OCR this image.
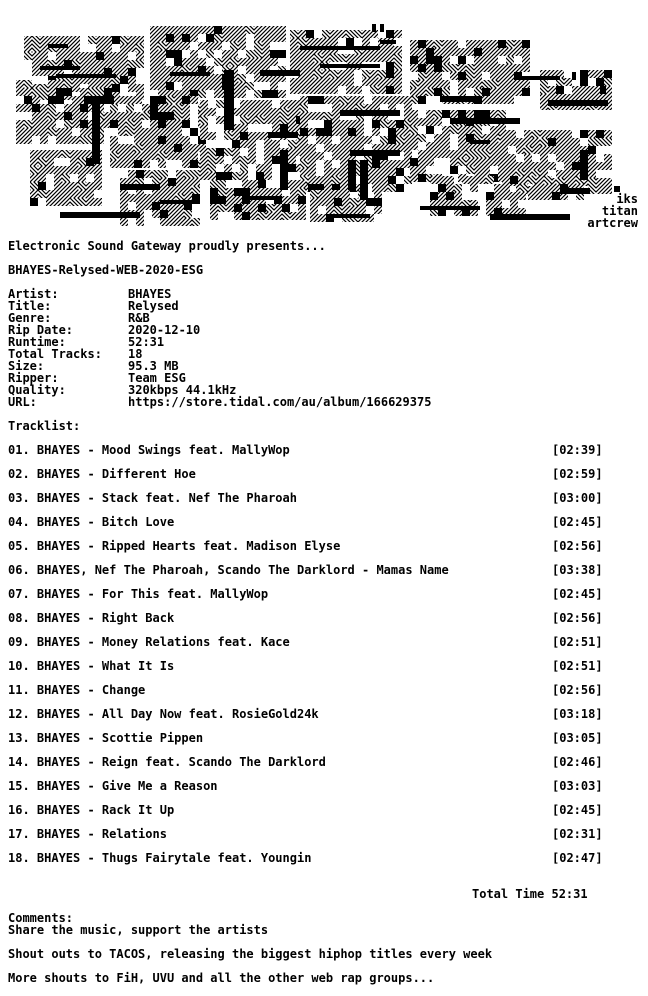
iks
titan
artcrew
Electronic Sound Gateway proudly presents...
BHAYES-Relysed-WEB-2020-ESG
Artist:	BHAYES
Title:	Relysed
Genre:	R&B
Rip Date:	2020-12-10
Runtime:	52:31
Total Tracks: 18
Size:	95.3 MB
Ripper:	Team ESG
Quality:	320kbps 44.1kHz
URL:	https://store.tidal.com/au/album/166629375
Tracklist:
01. BHAYES - Mood Swings feat. MallyWop	[02:39]
02. BHAYES - Different Hoe	[02:59]
03. BHAYES - Stack feat. Nef The Pharoah	[03:00]
04. BHAYES - Bitch Love	[02:45]
05. BHAYES - Ripped Hearts feat. Madison Elyse	[02:56]
06. BHAYES, Nef The Pharoah, Scando The Darklord - Mamas Name	[03:38]
07. BHAYES - For This feat. MallyWop	[02:45]
08. BHAYES - Right Back	[02:56]
09. BHAYES - Money Relations feat. Kace	[02:51]
10. BHAYES - What It Is	[02:51]
11. BHAYES - Change	[02:56]
12. BHAYES - All Day Now feat. RosieGold24k	[03:18]
13. BHAYES - Scottie Pippen	[03:05]
14. BHAYES - Reign feat. Scando The Darklord	[02:46]
15. BHAYES - Give Me a Reason	[03:03]
16. BHAYES - Rack It Up	[02:45]
17. BHAYES - Relations	[02:31]
18. BHAYES - Thugs Fairytale feat. Youngin	[02:47]
Total Time 52:31
Comments:
Share the music, support the artists
Shout outs to TACOS, releasing the biggest hiphop titles every week
More shouts to FiH, UVU and all the other web rap groups...
